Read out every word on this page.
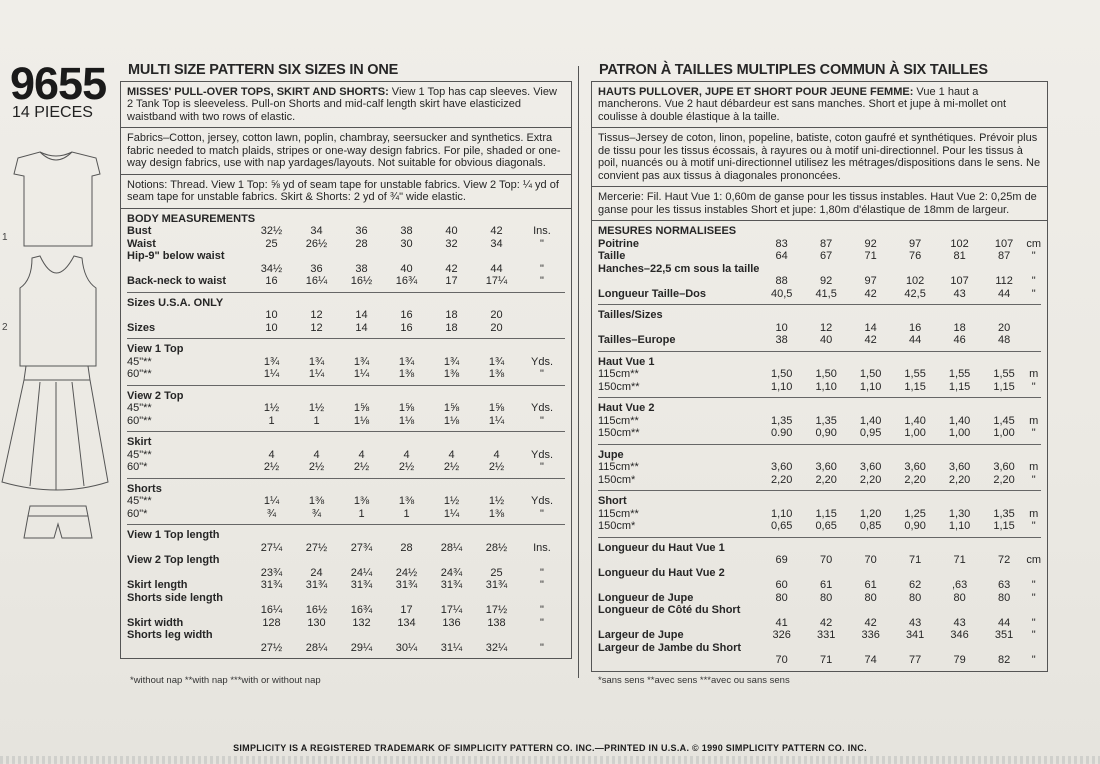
9655
14 PIECES
1
2
MULTI SIZE PATTERN SIX SIZES IN ONE
MISSES' PULL-OVER TOPS, SKIRT AND SHORTS: View 1 Top has cap sleeves. View 2 Tank Top is sleeveless. Pull-on Shorts and mid-calf length skirt have elasticized waistband with two rows of elastic.
Fabrics–Cotton, jersey, cotton lawn, poplin, chambray, seersucker and synthetics. Extra fabric needed to match plaids, stripes or one-way design fabrics. For pile, shaded or one-way design fabrics, use with nap yardages/layouts. Not suitable for obvious diagonals.
Notions: Thread. View 1 Top: ⅝ yd of seam tape for unstable fabrics. View 2 Top: ¼ yd of seam tape for unstable fabrics. Skirt & Shorts: 2 yd of ¾" wide elastic.
BODY MEASUREMENTS							
Bust	32½	34	36	38	40	42	Ins.
Waist	25	26½	28	30	32	34	"
Hip-9" below waist							
	34½	36	38	40	42	44	"
Back-neck to waist	16	16¼	16½	16¾	17	17¼	"

Sizes U.S.A. ONLY							
	10	12	14	16	18	20	
Sizes	10	12	14	16	18	20	

View 1 Top							
45"**	1¾	1¾	1¾	1¾	1¾	1¾	Yds.
60"**	1¼	1¼	1¼	1⅜	1⅜	1⅜	"

View 2 Top							
45"**	1½	1½	1⅝	1⅝	1⅝	1⅝	Yds.
60"**	1	1	1⅛	1⅛	1⅛	1¼	"

Skirt							
45"**	4	4	4	4	4	4	Yds.
60"*	2½	2½	2½	2½	2½	2½	"

Shorts							
45"**	1¼	1⅜	1⅜	1⅜	1½	1½	Yds.
60"*	¾	¾	1	1	1¼	1⅜	"

View 1 Top length							
	27¼	27½	27¾	28	28¼	28½	Ins.
View 2 Top length							
	23¾	24	24¼	24½	24¾	25	"
Skirt length	31¾	31¾	31¾	31¾	31¾	31¾	"
Shorts side length							
	16¼	16½	16¾	17	17¼	17½	"
Skirt width	128	130	132	134	136	138	"
Shorts leg width							
	27½	28¼	29¼	30¼	31¼	32¼	"
PATRON À TAILLES MULTIPLES COMMUN À SIX TAILLES
HAUTS PULLOVER, JUPE ET SHORT POUR JEUNE FEMME: Vue 1 haut a mancherons. Vue 2 haut débardeur est sans manches. Short et jupe à mi-mollet ont coulisse à double élastique à la taille.
Tissus–Jersey de coton, linon, popeline, batiste, coton gaufré et synthétiques. Prévoir plus de tissu pour les tissus écossais, à rayures ou à motif uni-directionnel. Pour les tissus à poil, nuancés ou à motif uni-directionnel utilisez les métrages/dispositions dans le sens. Ne convient pas aux tissus à diagonales prononcées.
Mercerie: Fil. Haut Vue 1: 0,60m de ganse pour les tissus instables. Haut Vue 2: 0,25m de ganse pour les tissus instables Short et jupe: 1,80m d'élastique de 18mm de largeur.
MESURES NORMALISEES							
Poitrine	83	87	92	97	102	107	cm
Taille	64	67	71	76	81	87	"
Hanches–22,5 cm sous la taille							
	88	92	97	102	107	112	"
Longueur Taille–Dos	40,5	41,5	42	42,5	43	44	"

Tailles/Sizes							
	10	12	14	16	18	20	
Tailles–Europe	38	40	42	44	46	48	

Haut Vue 1							
115cm**	1,50	1,50	1,50	1,55	1,55	1,55	m
150cm**	1,10	1,10	1,10	1,15	1,15	1,15	"

Haut Vue 2							
115cm**	1,35	1,35	1,40	1,40	1,40	1,45	m
150cm**	0.90	0,90	0,95	1,00	1,00	1,00	"

Jupe							
115cm**	3,60	3,60	3,60	3,60	3,60	3,60	m
150cm*	2,20	2,20	2,20	2,20	2,20	2,20	"

Short							
115cm**	1,10	1,15	1,20	1,25	1,30	1,35	m
150cm*	0,65	0,65	0,85	0,90	1,10	1,15	"

Longueur du Haut Vue 1							
	69	70	70	71	71	72	cm
Longueur du Haut Vue 2							
	60	61	61	62	,63	63	"
Longueur de Jupe	80	80	80	80	80	80	"
Longueur de Côté du Short							
	41	42	42	43	43	44	"
Largeur de Jupe	326	331	336	341	346	351	"
Largeur de Jambe du Short							
	70	71	74	77	79	82	"
*without nap **with nap ***with or without nap	*sans sens **avec sens ***avec ou sans sens
SIMPLICITY IS A REGISTERED TRADEMARK OF SIMPLICITY PATTERN CO. INC.—PRINTED IN U.S.A. © 1990 SIMPLICITY PATTERN CO. INC.
